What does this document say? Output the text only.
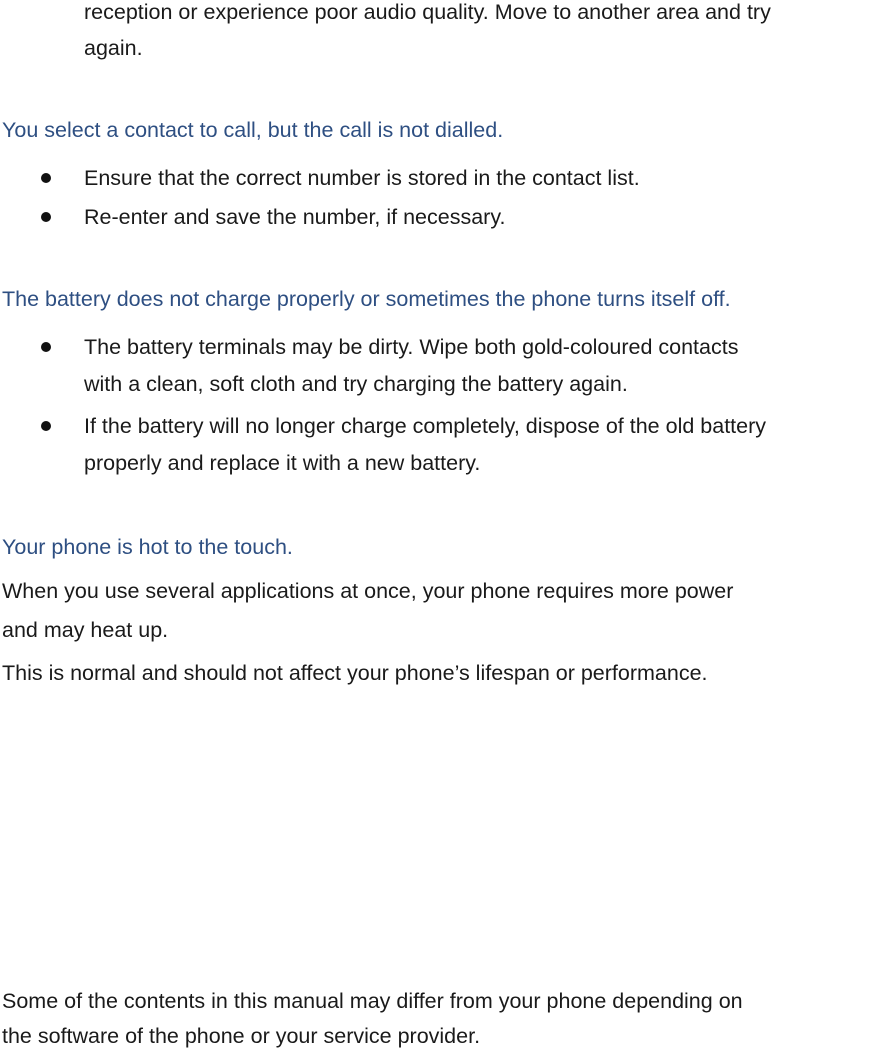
reception or experience poor audio quality. Move to another area and try
again.
You select a contact to call, but the call is not dialled.
Ensure that the correct number is stored in the contact list.
Re-enter and save the number, if necessary.
The battery does not charge properly or sometimes the phone turns itself off.
The battery terminals may be dirty. Wipe both gold-coloured contacts
with a clean, soft cloth and try charging the battery again.
If the battery will no longer charge completely, dispose of the old battery
properly and replace it with a new battery.
Your phone is hot to the touch.
When you use several applications at once, your phone requires more power
and may heat up.
This is normal and should not affect your phone’s lifespan or performance.
Some of the contents in this manual may differ from your phone depending on
the software of the phone or your service provider.
